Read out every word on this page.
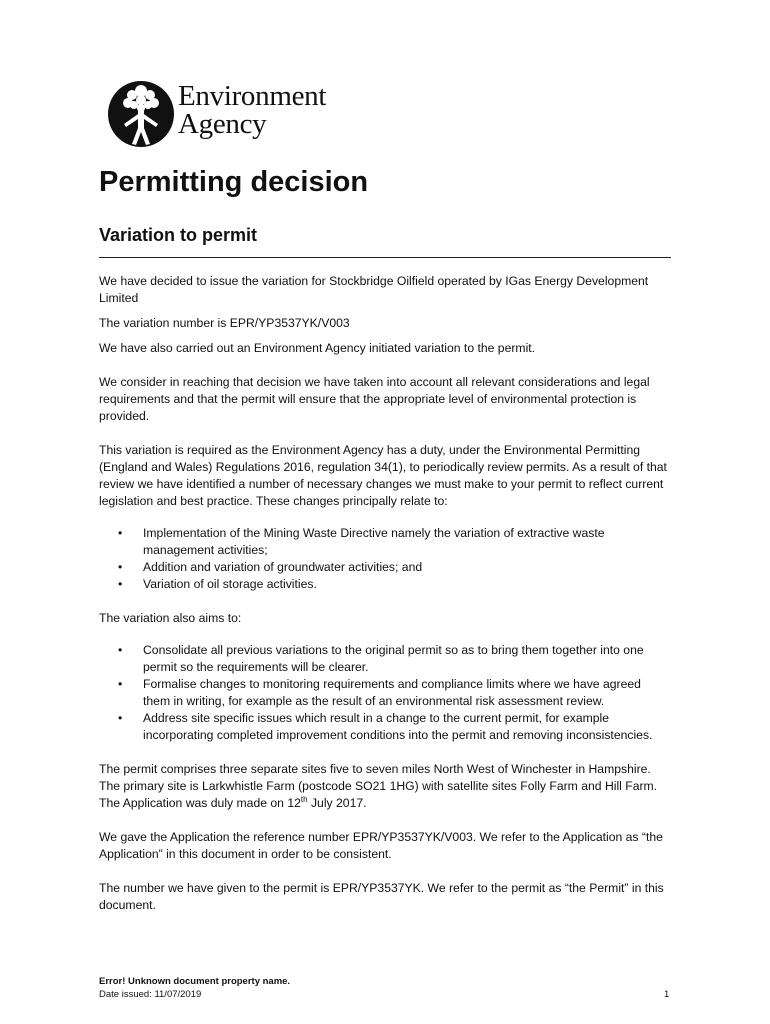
Environment
Agency
Permitting decision
Variation to permit

We have decided to issue the variation for Stockbridge Oilfield operated by IGas Energy Development Limited

The variation number is EPR/YP3537YK/V003

We have also carried out an Environment Agency initiated variation to the permit.

We consider in reaching that decision we have taken into account all relevant considerations and legal requirements and that the permit will ensure that the appropriate level of environmental protection is provided.

This variation is required as the Environment Agency has a duty, under the Environmental Permitting (England and Wales) Regulations 2016, regulation 34(1), to periodically review permits. As a result of that review we have identified a number of necessary changes we must make to your permit to reflect current legislation and best practice. These changes principally relate to:

• Implementation of the Mining Waste Directive namely the variation of extractive waste management activities;
• Addition and variation of groundwater activities; and
• Variation of oil storage activities.

The variation also aims to:

• Consolidate all previous variations to the original permit so as to bring them together into one permit so the requirements will be clearer.
• Formalise changes to monitoring requirements and compliance limits where we have agreed them in writing, for example as the result of an environmental risk assessment review.
• Address site specific issues which result in a change to the current permit, for example incorporating completed improvement conditions into the permit and removing inconsistencies.

The permit comprises three separate sites five to seven miles North West of Winchester in Hampshire. The primary site is Larkwhistle Farm (postcode SO21 1HG) with satellite sites Folly Farm and Hill Farm. The Application was duly made on 12th July 2017.

We gave the Application the reference number EPR/YP3537YK/V003. We refer to the Application as “the Application” in this document in order to be consistent.

The number we have given to the permit is EPR/YP3537YK. We refer to the permit as “the Permit” in this document.

Error! Unknown document property name.
Date issued: 11/07/2019	1
